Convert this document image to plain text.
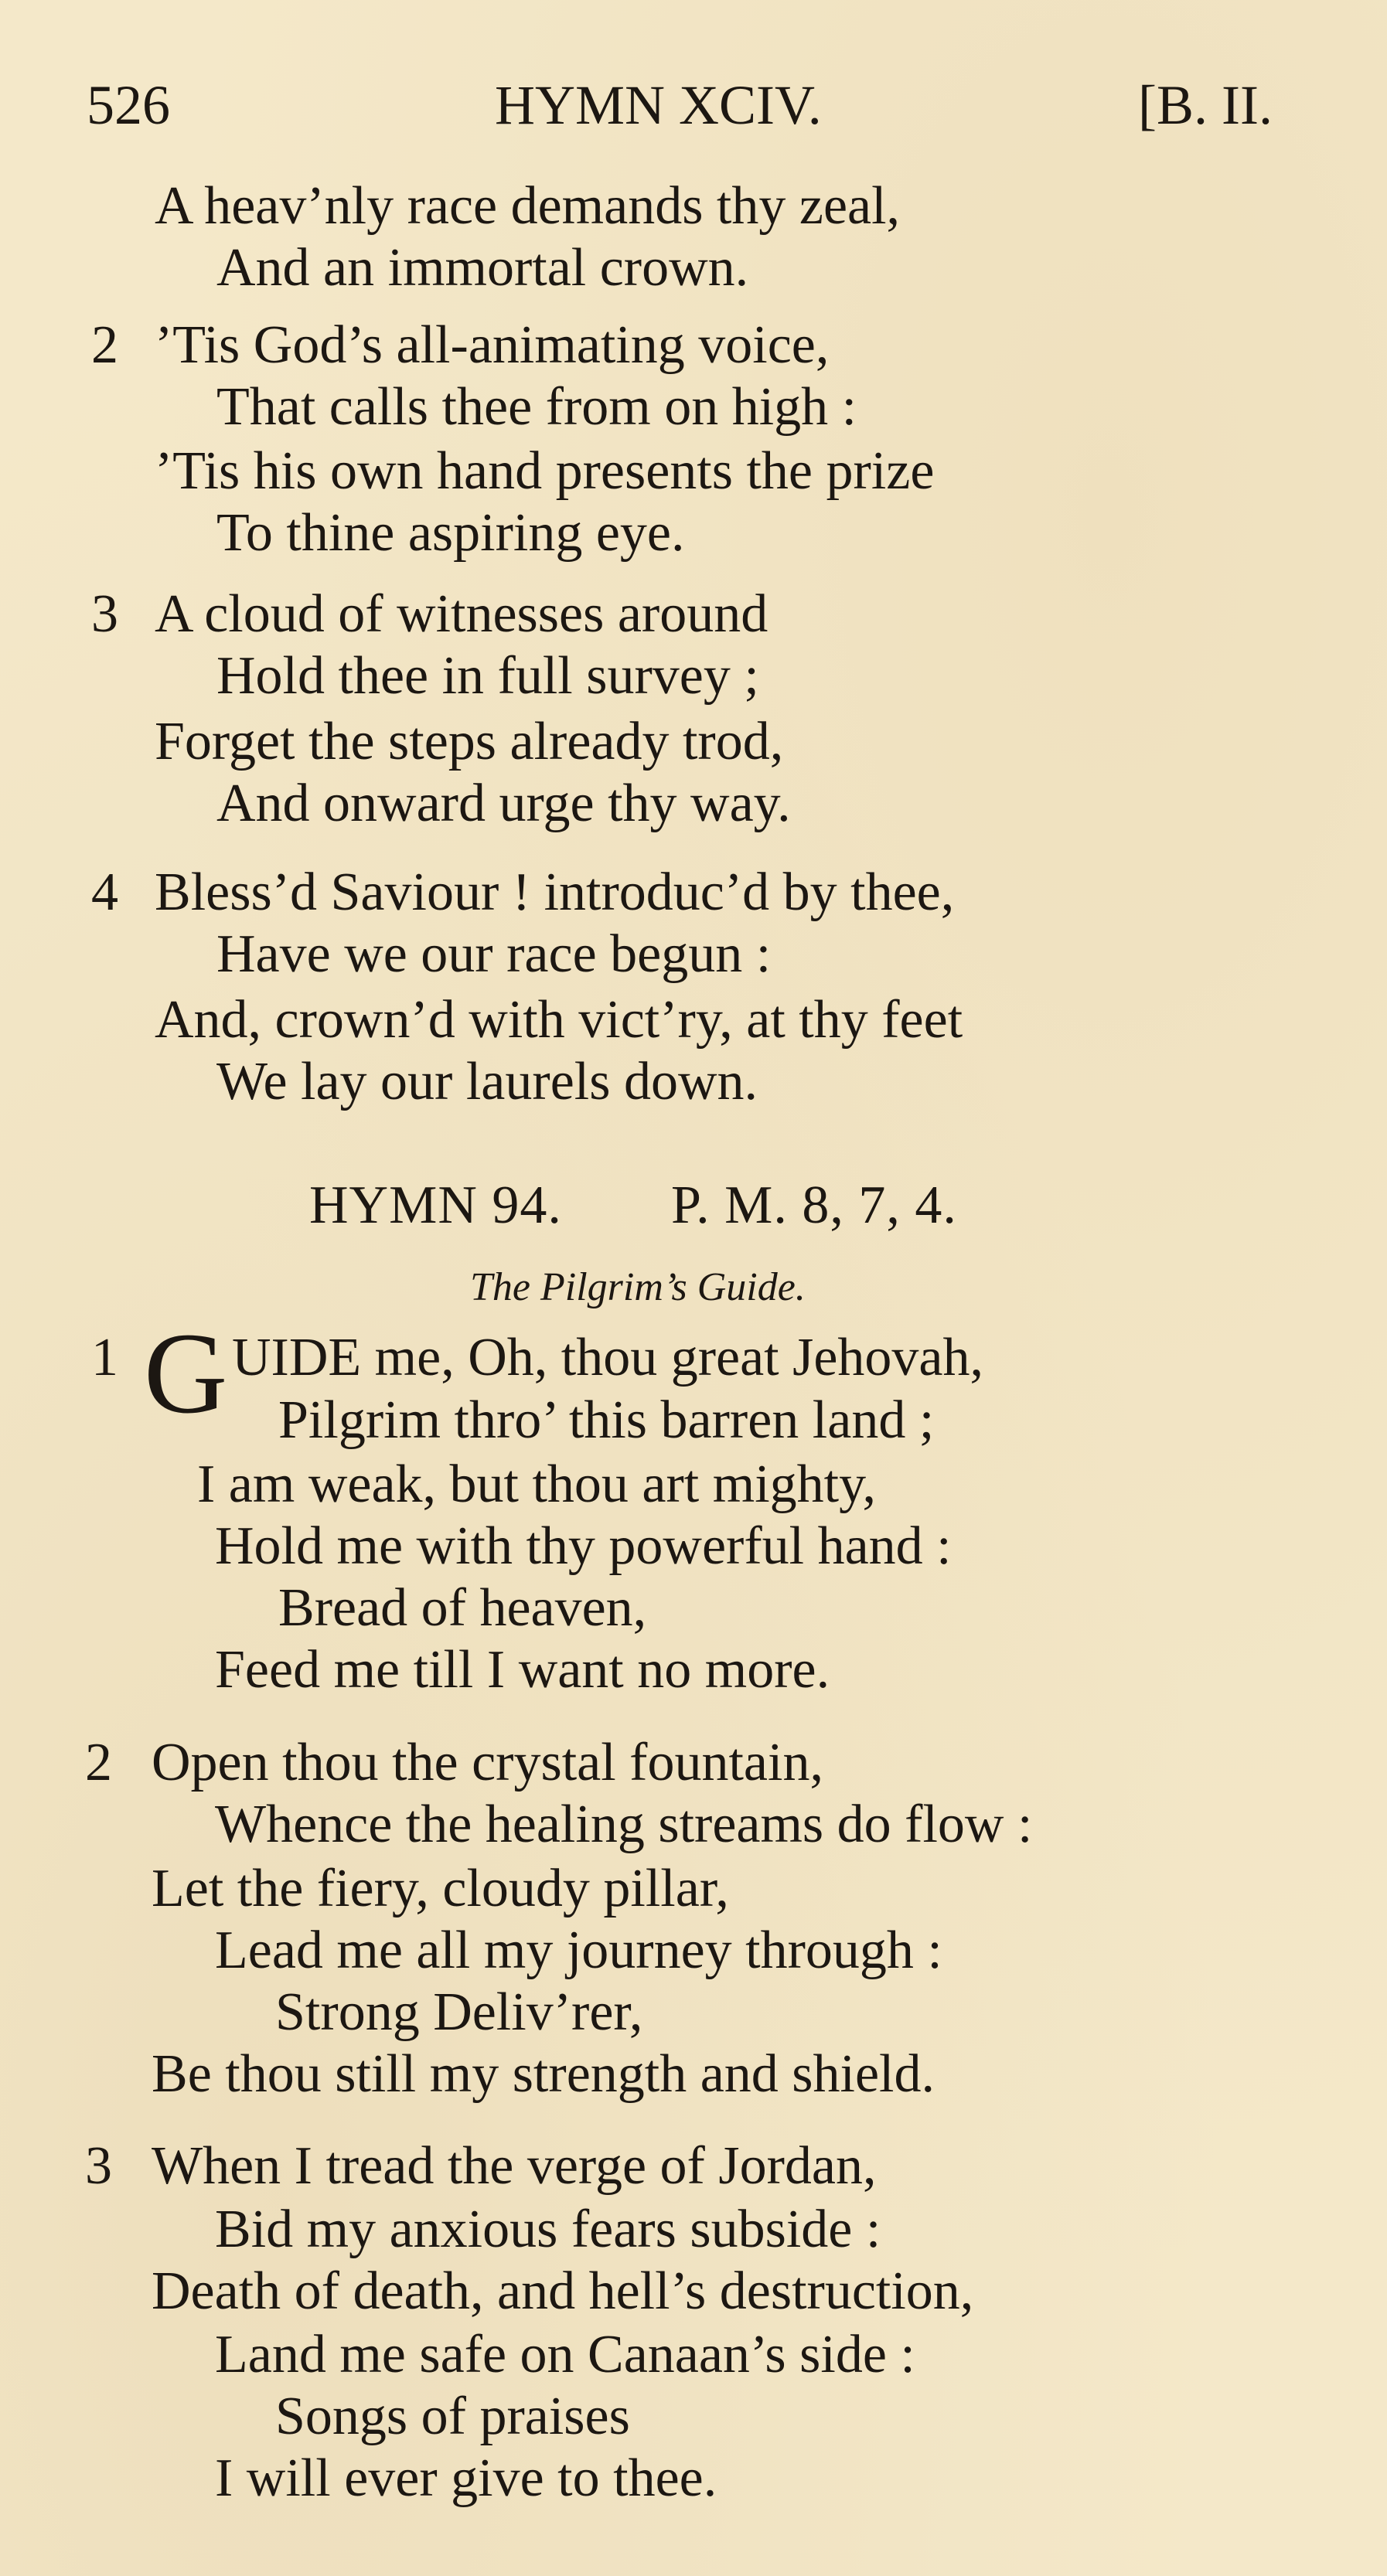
526	HYMN XCIV.	[B. II.
A heav’nly race demands thy zeal,
And an immortal crown.
2 ’Tis God’s all-animating voice,
That calls thee from on high :
’Tis his own hand presents the prize
To thine aspiring eye.
3 A cloud of witnesses around
Hold thee in full survey ;
Forget the steps already trod,
And onward urge thy way.
4 Bless’d Saviour ! introduc’d by thee,
Have we our race begun :
And, crown’d with vict’ry, at thy feet
We lay our laurels down.
HYMN 94. P. M. 8, 7, 4.
The Pilgrim’s Guide.
1 G UIDE me, Oh, thou great Jehovah,
Pilgrim thro’ this barren land ;
I am weak, but thou art mighty,
Hold me with thy powerful hand :
Bread of heaven,
Feed me till I want no more.
2 Open thou the crystal fountain,
Whence the healing streams do flow :
Let the fiery, cloudy pillar,
Lead me all my journey through :
Strong Deliv’rer,
Be thou still my strength and shield.
3 When I tread the verge of Jordan,
Bid my anxious fears subside :
Death of death, and hell’s destruction,
Land me safe on Canaan’s side :
Songs of praises
I will ever give to thee.
